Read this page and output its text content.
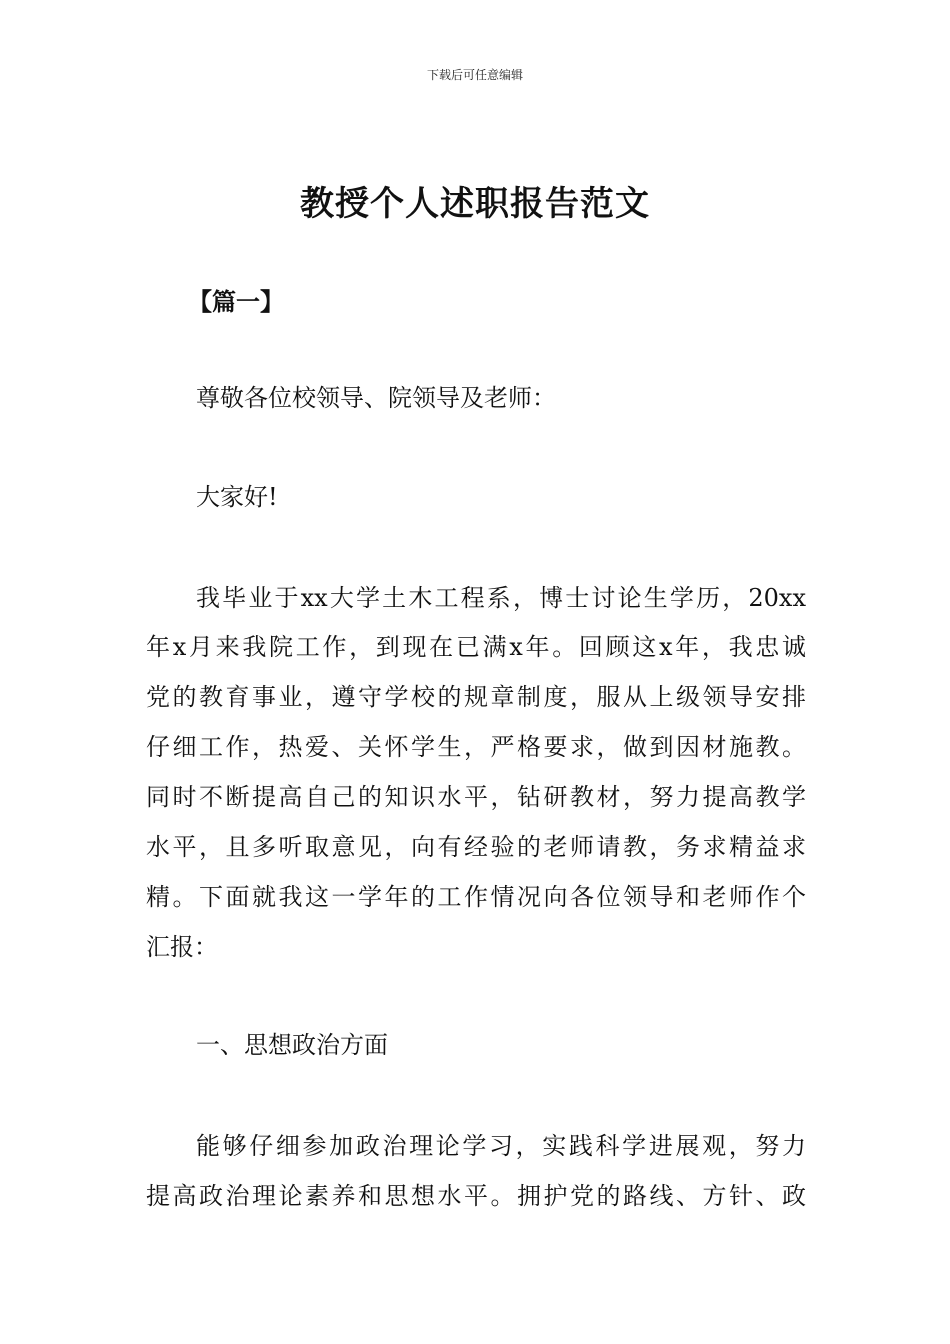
下载后可任意编辑
教授个人述职报告范文
【篇一】
尊敬各位校领导、院领导及老师：
大家好!
我毕业于xx大学土木工程系，博士讨论生学历，20xx
年x月来我院工作，到现在已满x年。回顾这x年，我忠诚
党的教育事业，遵守学校的规章制度，服从上级领导安排
仔细工作，热爱、关怀学生，严格要求，做到因材施教。
同时不断提高自己的知识水平，钻研教材，努力提高教学
水平，且多听取意见，向有经验的老师请教，务求精益求
精。下面就我这一学年的工作情况向各位领导和老师作个
汇报：
一、思想政治方面
能够仔细参加政治理论学习，实践科学进展观，努力
提高政治理论素养和思想水平。拥护党的路线、方针、政
